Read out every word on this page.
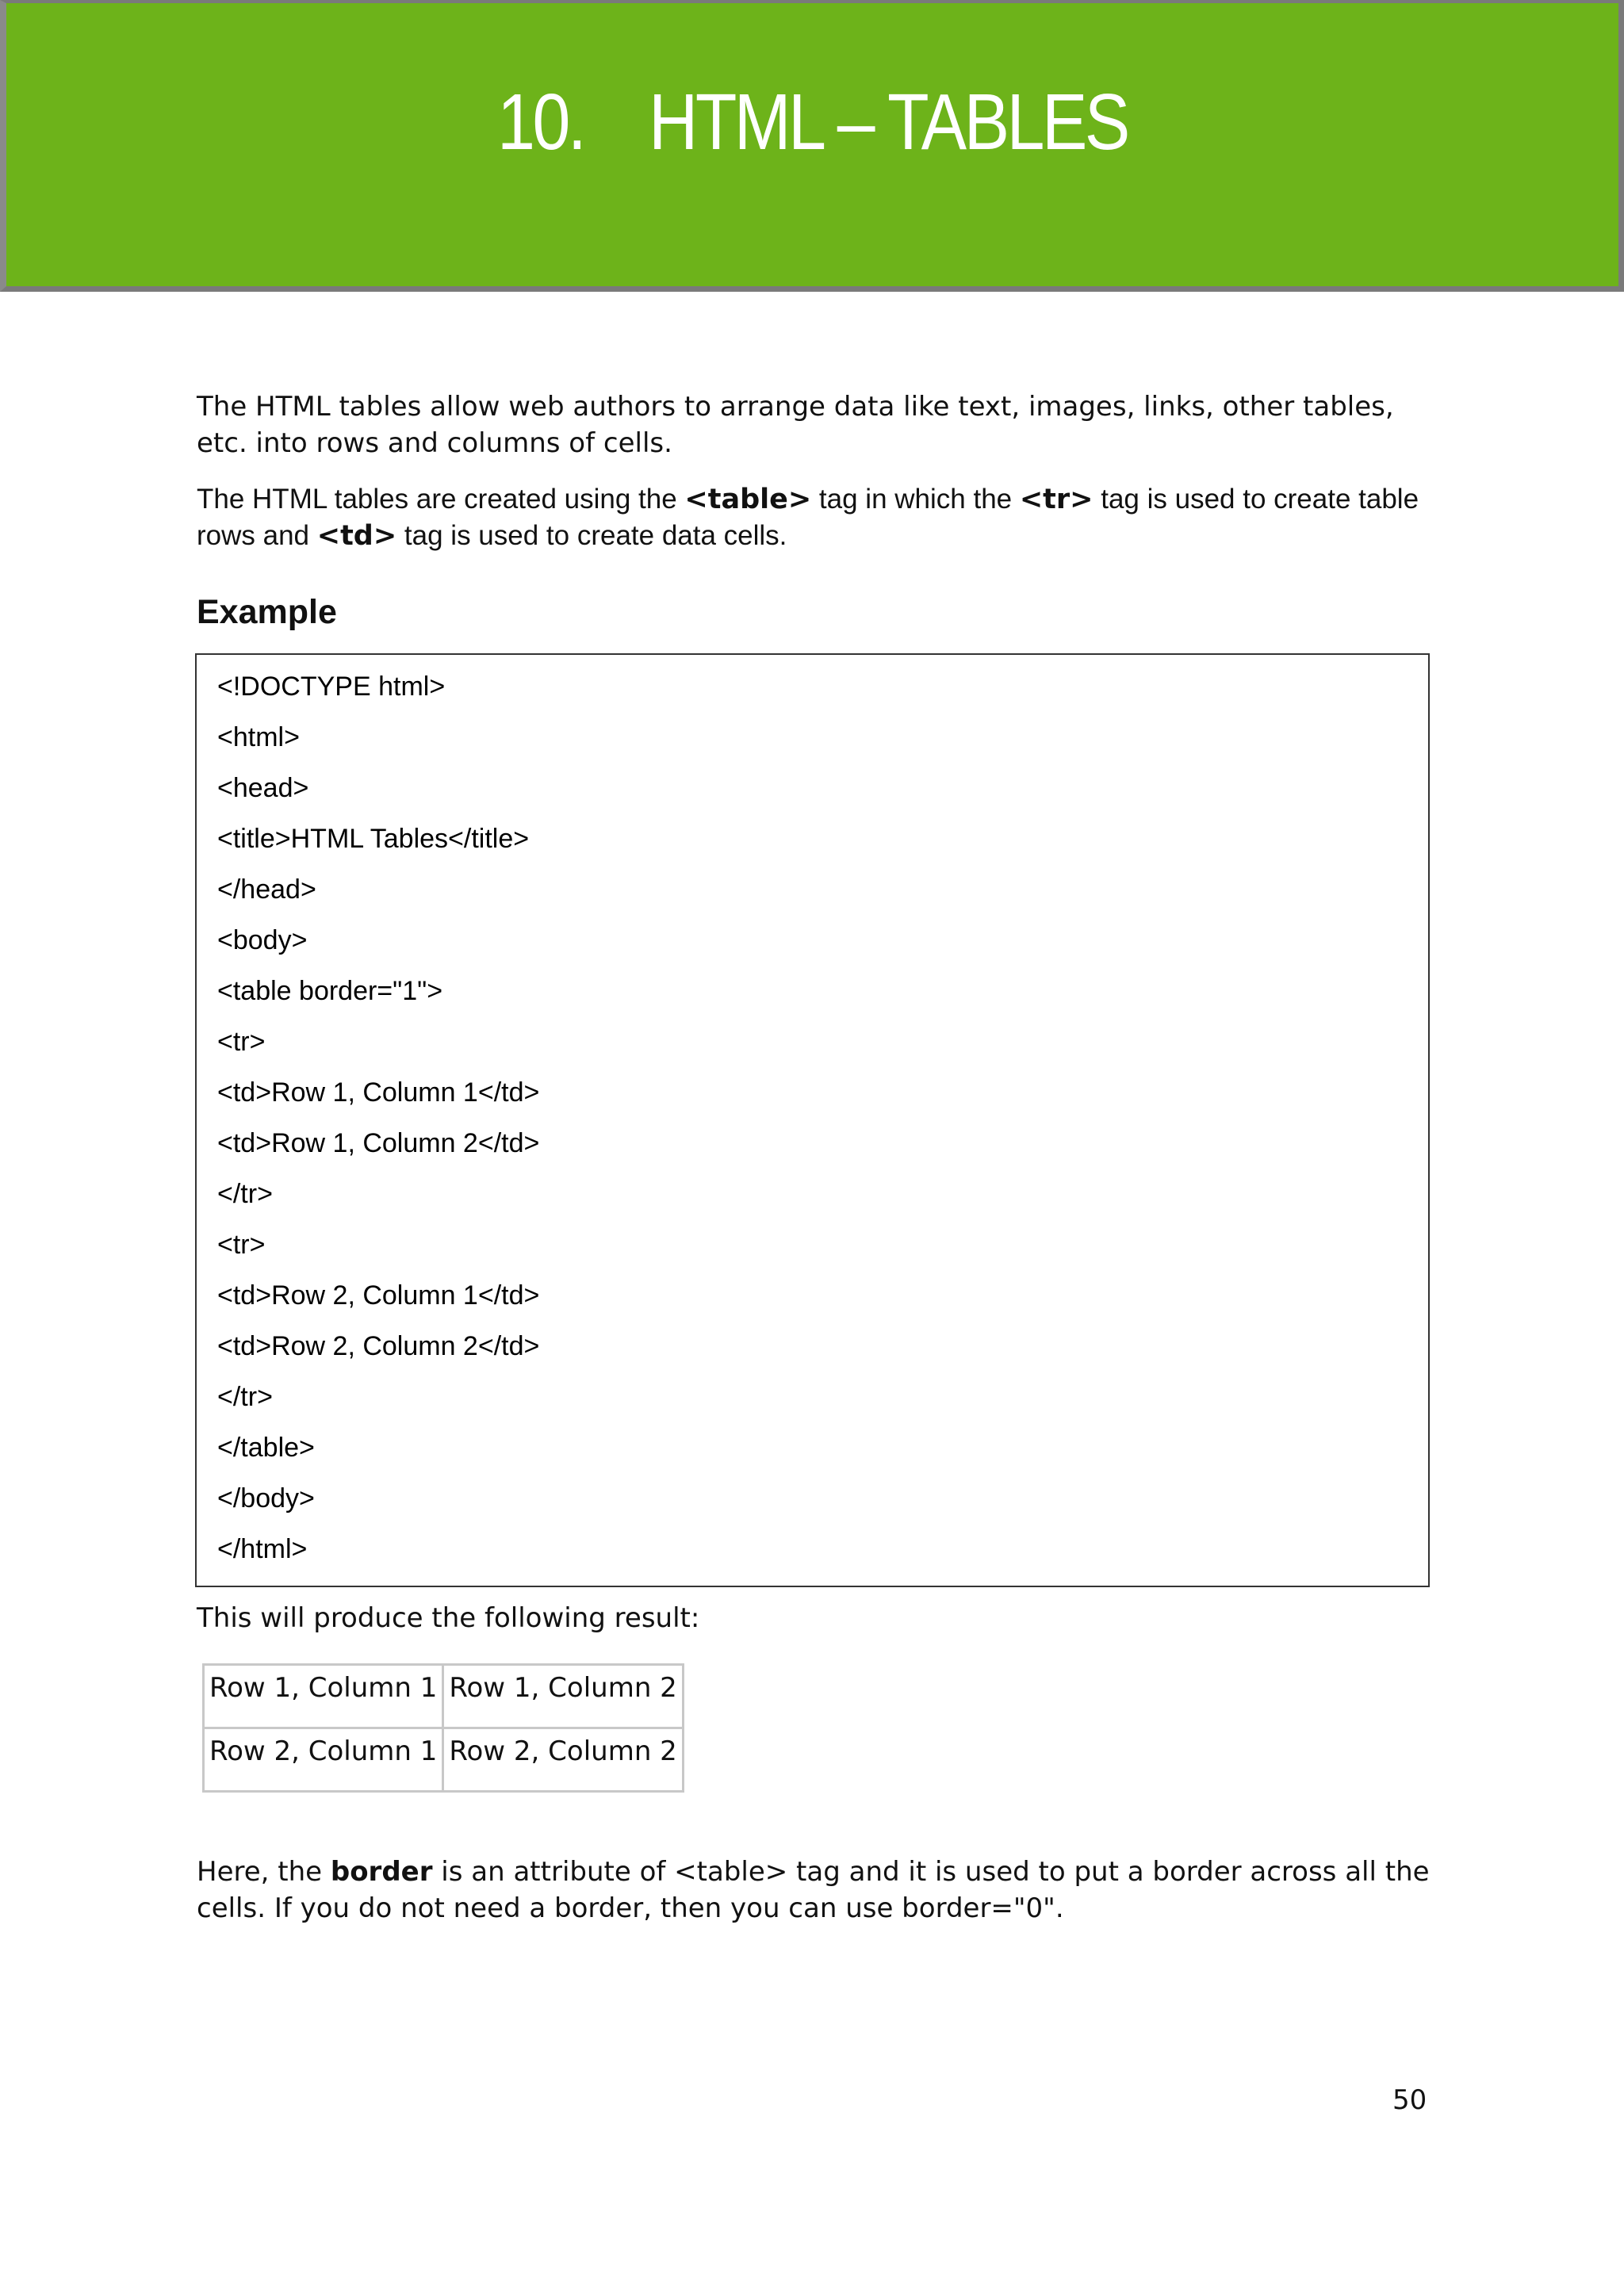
10.    HTML – TABLES

The HTML tables allow web authors to arrange data like text, images, links, other tables, etc. into rows and columns of cells.

The HTML tables are created using the <table> tag in which the <tr> tag is used to create table rows and <td> tag is used to create data cells.

Example
<!DOCTYPE html>
<html>
<head>
<title>HTML Tables</title>
</head>
<body>
<table border="1">
<tr>
<td>Row 1, Column 1</td>
<td>Row 1, Column 2</td>
</tr>
<tr>
<td>Row 2, Column 1</td>
<td>Row 2, Column 2</td>
</tr>
</table>
</body>
</html>

This will produce the following result:

Row 1, Column 1	Row 1, Column 2
Row 2, Column 1	Row 2, Column 2

Here, the border is an attribute of <table> tag and it is used to put a border across all the cells. If you do not need a border, then you can use border="0".

50
